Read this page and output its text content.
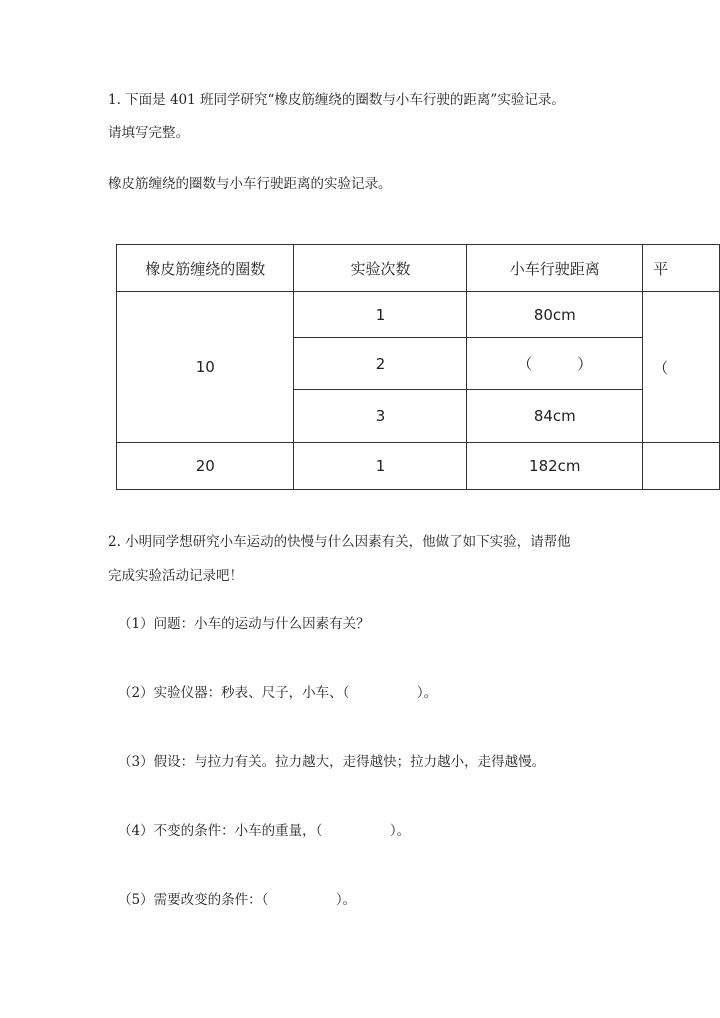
1. 下面是 401 班同学研究“橡皮筋缠绕的圈数与小车行驶的距离”实验记录。
请填写完整。
橡皮筋缠绕的圈数与小车行驶距离的实验记录。
橡皮筋缠绕的圈数	实验次数	小车行驶距离	平
10	1	80cm	（
	2	（　　　）	
	3	84cm	
20	1	182cm	
2. 小明同学想研究小车运动的快慢与什么因素有关，他做了如下实验，请帮他
完成实验活动记录吧！
（1）问题：小车的运动与什么因素有关？
（2）实验仪器：秒表、尺子，小车、（　　　　　）。
（3）假设：与拉力有关。拉力越大，走得越快；拉力越小，走得越慢。
（4）不变的条件：小车的重量，（　　　　　）。
（5）需要改变的条件：（　　　　　）。
